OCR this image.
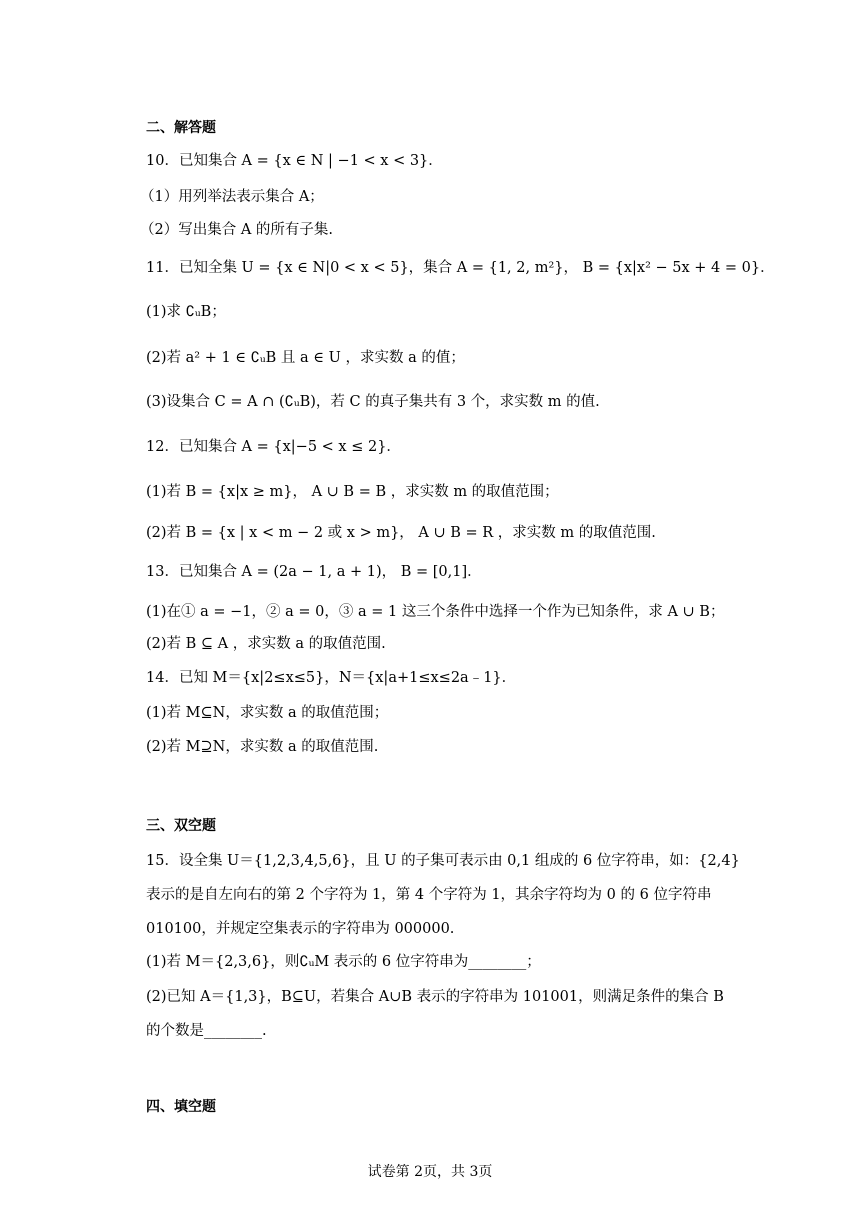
二、解答题
10．已知集合 A = {x ∈ N | −1 < x < 3}．
（1）用列举法表示集合 A；
（2）写出集合 A 的所有子集.
11．已知全集 U = {x ∈ N|0 < x < 5}，集合 A = {1, 2, m²}， B = {x|x² − 5x + 4 = 0}．
(1)求 ∁ᵤB；
(2)若 a² + 1 ∈ ∁ᵤB 且 a ∈ U ，求实数 a 的值；
(3)设集合 C = A ∩ (∁ᵤB)，若 C 的真子集共有 3 个，求实数 m 的值.
12．已知集合 A = {x|−5 < x ≤ 2}．
(1)若 B = {x|x ≥ m}， A ∪ B = B ，求实数 m 的取值范围；
(2)若 B = {x | x < m − 2 或 x > m}， A ∪ B = R ，求实数 m 的取值范围.
13．已知集合 A = (2a − 1, a + 1)， B = [0,1]．
(1)在① a = −1，② a = 0，③ a = 1 这三个条件中选择一个作为已知条件，求 A ∪ B；
(2)若 B ⊆ A ，求实数 a 的取值范围.
14．已知 M＝{x|2≤x≤5}，N＝{x|a+1≤x≤2a﹣1}．
(1)若 M⊆N，求实数 a 的取值范围；
(2)若 M⊇N，求实数 a 的取值范围.
三、双空题
15．设全集 U＝{1,2,3,4,5,6}，且 U 的子集可表示由 0,1 组成的 6 位字符串，如：{2,4}
表示的是自左向右的第 2 个字符为 1，第 4 个字符为 1，其余字符均为 0 的 6 位字符串
010100，并规定空集表示的字符串为 000000.
(1)若 M＝{2,3,6}，则∁ᵤM 表示的 6 位字符串为________；
(2)已知 A＝{1,3}，B⊆U，若集合 A∪B 表示的字符串为 101001，则满足条件的集合 B
的个数是________.
四、填空题
试卷第 2页，共 3页
